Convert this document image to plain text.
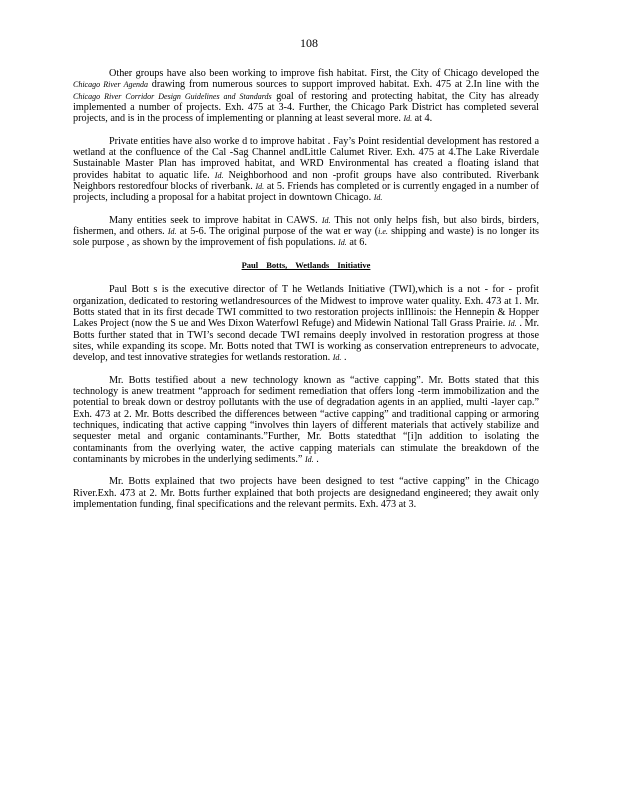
108

Other groups have also been working to improve fish habitat. First, the City of Chicago developed the Chicago River Agenda drawing from numerous sources to support improved habitat. Exh. 475 at 2.In line with the Chicago River Corridor Design Guidelines and Standards goal of restoring and protecting habitat, the City has already implemented a number of projects. Exh. 475 at 3-4. Further, the Chicago Park District has completed several projects, and is in the process of implementing or planning at least several more. Id. at 4.

Private entities have also worke d to improve habitat . Fay’s Point residential development has restored a wetland at the confluence of the Cal -Sag Channel andLittle Calumet River. Exh. 475 at 4.The Lake Riverdale Sustainable Master Plan has improved habitat, and WRD Environmental has created a floating island that provides habitat to aquatic life. Id. Neighborhood and non -profit groups have also contributed. Riverbank Neighbors restoredfour blocks of riverbank. Id. at 5. Friends has completed or is currently engaged in a number of projects, including a proposal for a habitat project in downtown Chicago. Id.

Many entities seek to improve habitat in CAWS. Id. This not only helps fish, but also birds, birders, fishermen, and others. Id. at 5-6. The original purpose of the wat er way (i.e. shipping and waste) is no longer its sole purpose , as shown by the improvement of fish populations. Id. at 6.

Paul Botts, Wetlands Initiative

Paul Bott s is the executive director of T he Wetlands Initiative (TWI),which is a not - for - profit organization, dedicated to restoring wetlandresources of the Midwest to improve water quality. Exh. 473 at 1. Mr. Botts stated that in its first decade TWI committed to two restoration projects inIllinois: the Hennepin & Hopper Lakes Project (now the S ue and Wes Dixon Waterfowl Refuge) and Midewin National Tall Grass Prairie. Id. . Mr. Botts further stated that in TWI’s second decade TWI remains deeply involved in restoration progress at those sites, while expanding its scope. Mr. Botts noted that TWI is working as conservation entrepreneurs to advocate, develop, and test innovative strategies for wetlands restoration. Id. .

Mr. Botts testified about a new technology known as “active capping”. Mr. Botts stated that this technology is anew treatment “approach for sediment remediation that offers long -term immobilization and the potential to break down or destroy pollutants with the use of degradation agents in an applied, multi -layer cap.” Exh. 473 at 2. Mr. Botts described the differences between “active capping” and traditional capping or armoring techniques, indicating that active capping “involves thin layers of different materials that actively stabilize and sequester metal and organic contaminants.”Further, Mr. Botts statedthat “[i]n addition to isolating the contaminants from the overlying water, the active capping materials can stimulate the breakdown of the contaminants by microbes in the underlying sediments.” Id. .

Mr. Botts explained that two projects have been designed to test “active capping” in the Chicago River.Exh. 473 at 2. Mr. Botts further explained that both projects are designedand engineered; they await only implementation funding, final specifications and the relevant permits. Exh. 473 at 3.
